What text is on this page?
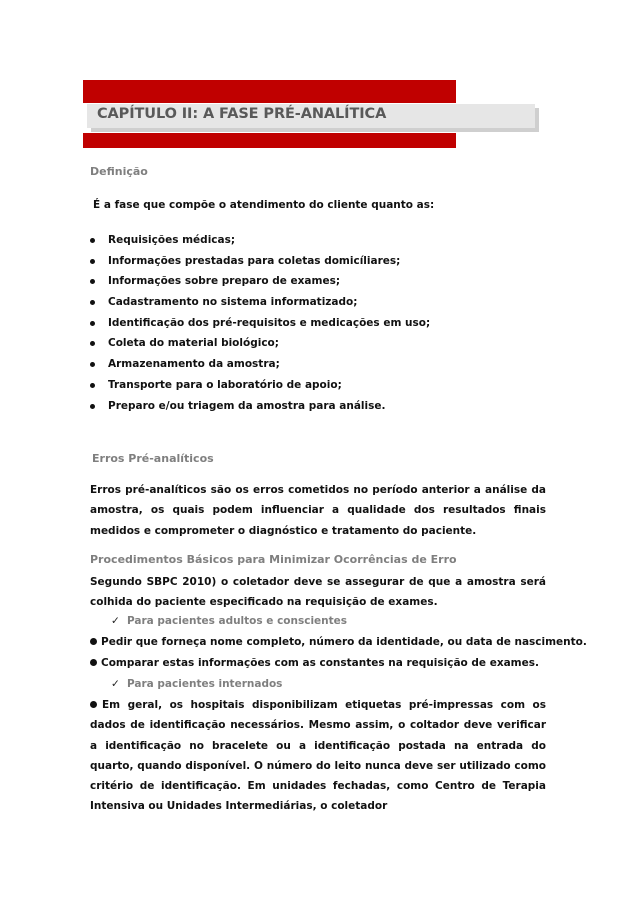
CAPÍTULO II: A FASE PRÉ-ANALÍTICA
Definição
É a fase que compõe o atendimento do cliente quanto as:
Requisições médicas;
Informações prestadas para coletas domicíliares;
Informações sobre preparo de exames;
Cadastramento no sistema informatizado;
Identificação dos pré-requisitos e medicações em uso;
Coleta do material biológico;
Armazenamento da amostra;
Transporte para o laboratório de apoio;
Preparo e/ou triagem da amostra para análise.
Erros Pré-analíticos
Erros pré-analíticos são os erros cometidos no período anterior a análise da amostra, os quais podem influenciar a qualidade dos resultados finais medidos e comprometer o diagnóstico e tratamento do paciente.
Procedimentos Básicos para Minimizar Ocorrências de Erro
Segundo SBPC 2010) o coletador deve se assegurar de que a amostra será colhida do paciente especificado na requisição de exames.
✓ Para pacientes adultos e conscientes
Pedir que forneça nome completo, número da identidade, ou data de nascimento.
Comparar estas informações com as constantes na requisição de exames.
✓ Para pacientes internados
Em geral, os hospitais disponibilizam etiquetas pré-impressas com os dados de identificação necessários. Mesmo assim, o coltador deve verificar a identificação no bracelete ou a identificação postada na entrada do quarto, quando disponível. O número do leito nunca deve ser utilizado como critério de identificação. Em unidades fechadas, como Centro de Terapia Intensiva ou Unidades Intermediárias, o coletador
